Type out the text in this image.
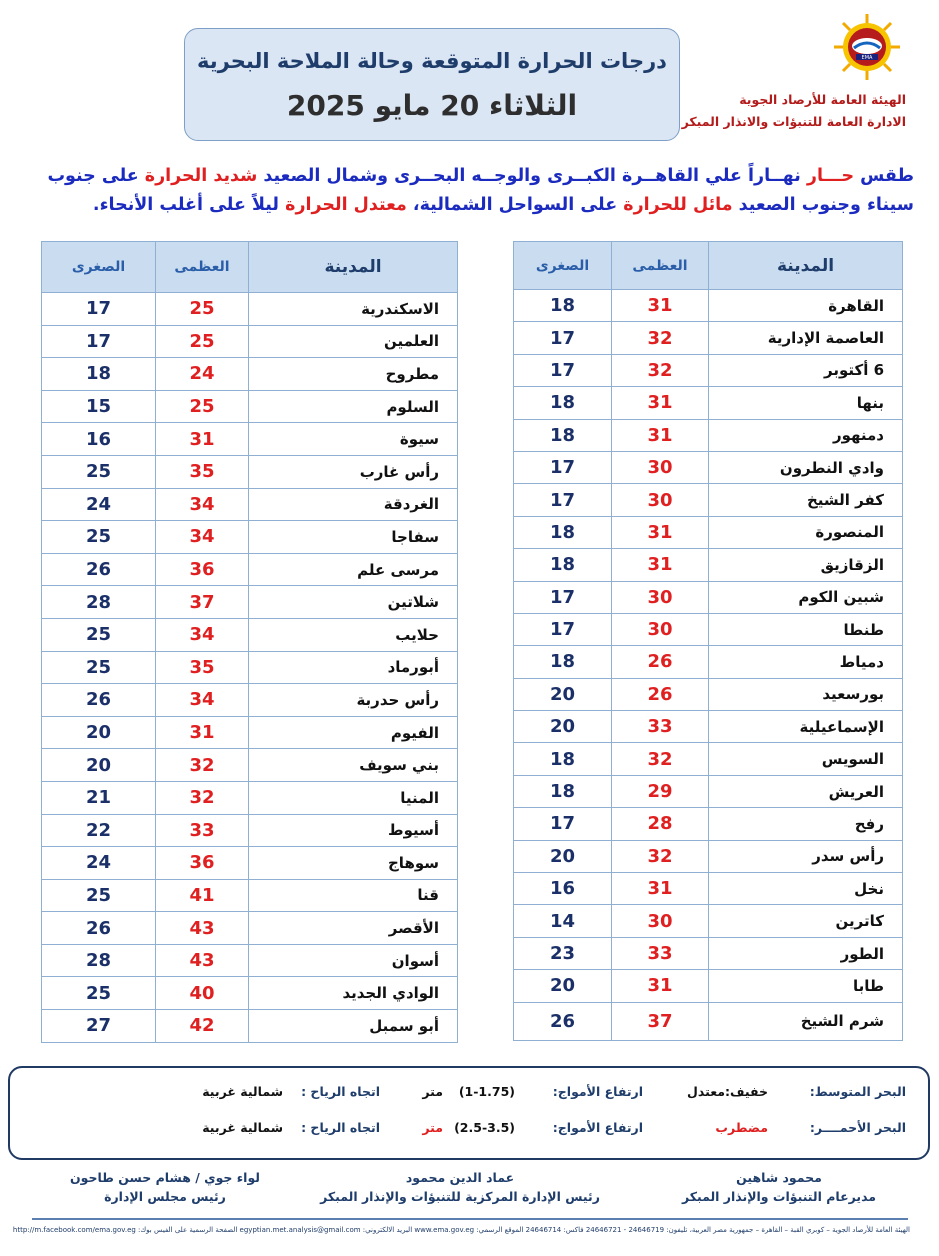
درجات الحرارة المتوقعة وحالة الملاحة البحرية
الثلاثاء 20 مايو 2025
EMA
الهيئة العامة للأرصاد الجوية
الادارة العامة للتنبؤات والانذار المبكر
طقس حـــار نهــاراً علي القاهــرة الكبــرى والوجــه البحــرى وشمال الصعيد شديد الحرارة على جنوب سيناء وجنوب الصعيد مائل للحرارة على السواحل الشمالية، معتدل الحرارة ليلاً على أغلب الأنحاء.
المدينة	العظمى	الصغرى
القاهرة	31	18
العاصمة الإدارية	32	17
6 أكتوبر	32	17
بنها	31	18
دمنهور	31	18
وادي النطرون	30	17
كفر الشيخ	30	17
المنصورة	31	18
الزقازيق	31	18
شبين الكوم	30	17
طنطا	30	17
دمياط	26	18
بورسعيد	26	20
الإسماعيلية	33	20
السويس	32	18
العريش	29	18
رفح	28	17
رأس سدر	32	20
نخل	31	16
كاترين	30	14
الطور	33	23
طابا	31	20
شرم الشيخ	37	26
المدينة	العظمى	الصغرى
الاسكندرية	25	17
العلمين	25	17
مطروح	24	18
السلوم	25	15
سيوة	31	16
رأس غارب	35	25
الغردقة	34	24
سفاجا	34	25
مرسى علم	36	26
شلاتين	37	28
حلايب	34	25
أبورماد	35	25
رأس حدربة	34	26
الفيوم	31	20
بني سويف	32	20
المنيا	32	21
أسيوط	33	22
سوهاج	36	24
قنا	41	25
الأقصر	43	26
أسوان	43	28
الوادي الجديد	40	25
أبو سمبل	42	27
البحر المتوسط:
خفيف:معتدل
ارتفاع الأمواج:
(1-1.75)
متر
اتجاه الرياح :
شمالية غربية
البحر الأحمــــر:
مضطرب
ارتفاع الأمواج:
(2.5-3.5)
متر
اتجاه الرياح :
شمالية غربية
محمود شاهين
مديرعام التنبؤات والإنذار المبكر
عماد الدين محمود
رئيس الإدارة المركزية للتنبؤات والإنذار المبكر
لواء جوي / هشام حسن طاحون
رئيس مجلس الإدارة
الهيئة العامة للأرصاد الجوية – كوبري القبة – القاهرة – جمهورية مصر العربية، تليفون: 24646719 - 24646721 فاكس: 24646714 الموقع الرسمي: www.ema.gov.eg البريد الالكتروني: egyptian.met.analysis@gmail.com الصفحة الرسمية على الفيس بوك: http://m.facebook.com/ema.gov.eg
